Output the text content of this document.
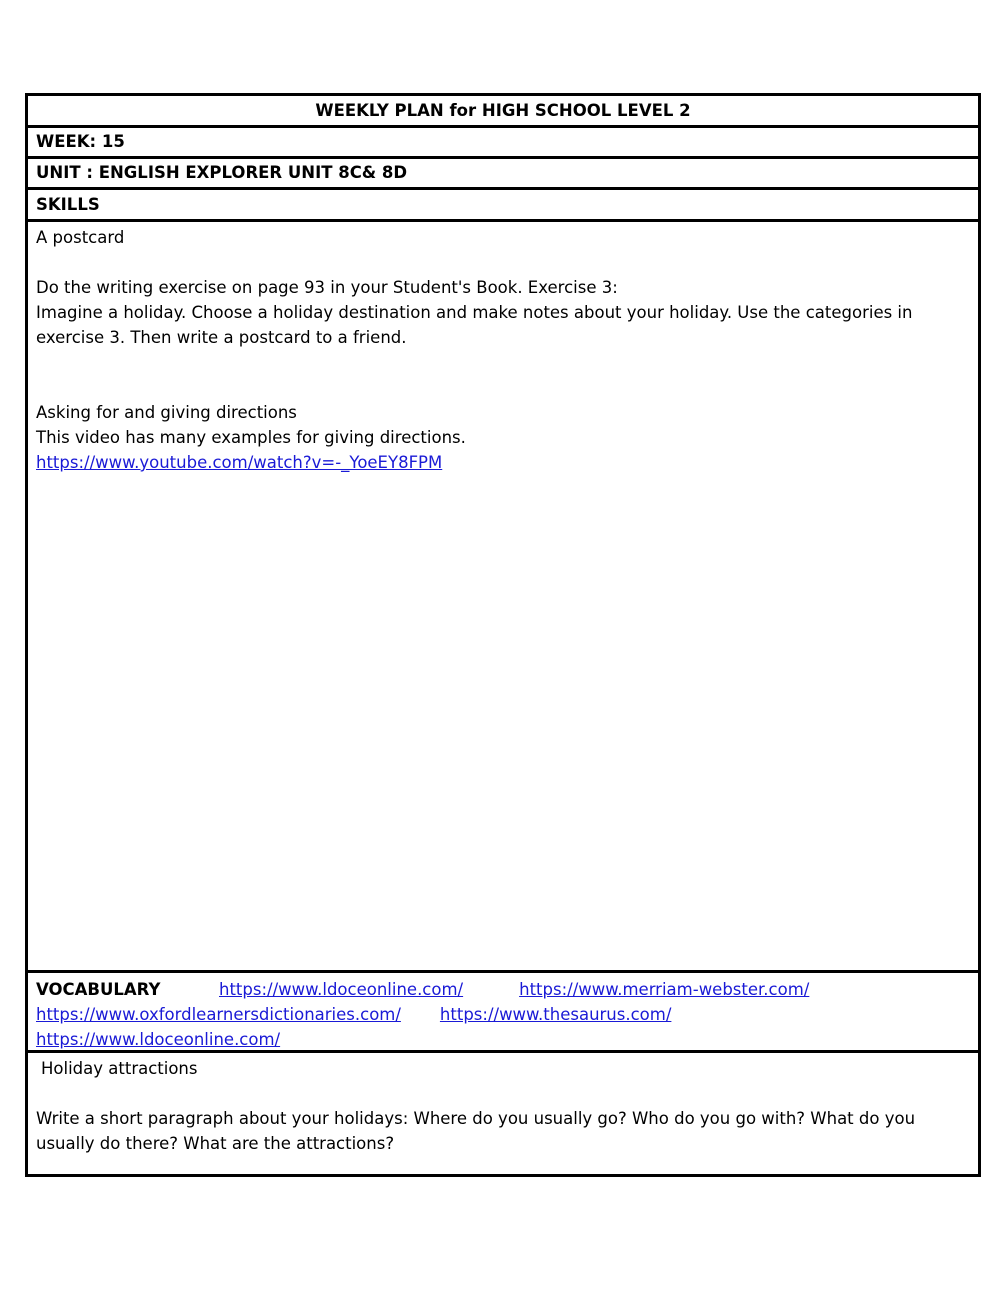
WEEKLY PLAN for HIGH SCHOOL LEVEL 2
WEEK: 15
UNIT : ENGLISH EXPLORER UNIT 8C& 8D
SKILLS

A postcard

Do the writing exercise on page 93 in your Student's Book. Exercise 3:

Imagine a holiday. Choose a holiday destination and make notes about your holiday. Use the categories in exercise 3. Then write a postcard to a friend.

Asking for and giving directions

This video has many examples for giving directions.

https://www.youtube.com/watch?v=-_YoeEY8FPM

VOCABULARY	https://www.ldoceonline.com/	https://www.merriam-webster.com/
https://www.oxfordlearnersdictionaries.com/ https://www.thesaurus.com/
https://www.ldoceonline.com/

Holiday attractions

Write a short paragraph about your holidays: Where do you usually go? Who do you go with? What do you usually do there? What are the attractions?
